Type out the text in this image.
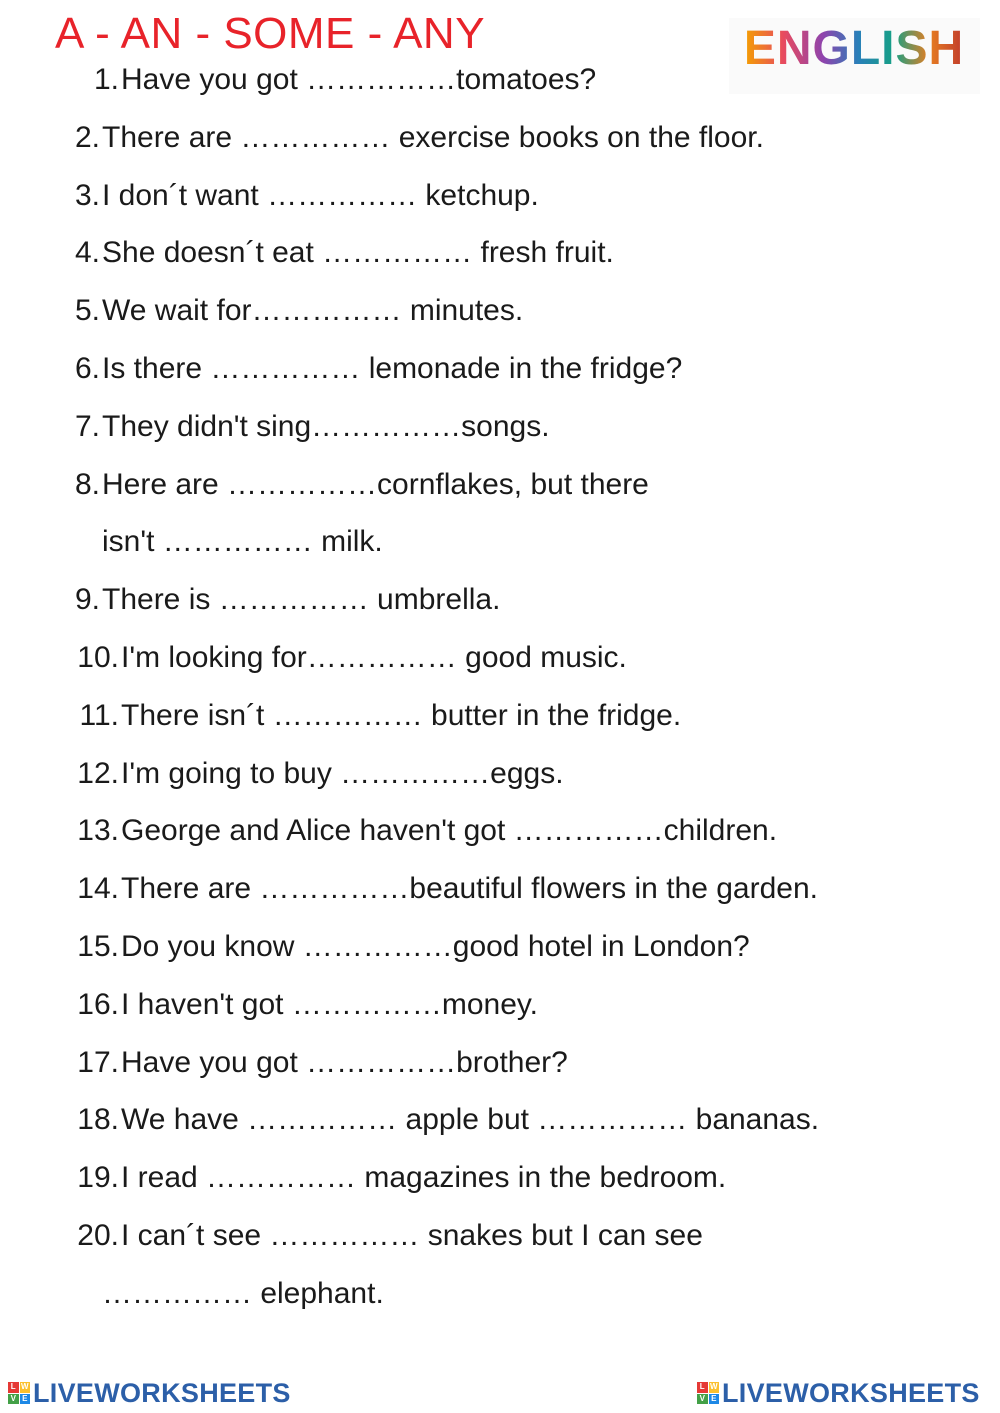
A - AN - SOME - ANY	ENGLISH
1. Have you got ……………tomatoes?
2. There are …………… exercise books on the floor.
3. I don´t want …………… ketchup.
4. She doesn´t eat …………… fresh fruit.
5. We wait for…………… minutes.
6. Is there …………… lemonade in the fridge?
7. They didn't sing……………songs.
8. Here are ……………cornflakes, but there
isn't …………… milk.
9. There is …………… umbrella.
10. I'm looking for…………… good music.
11. There isn´t …………… butter in the fridge.
12. I'm going to buy ……………eggs.
13. George and Alice haven't got ……………children.
14. There are ……………beautiful flowers in the garden.
15. Do you know ……………good hotel in London?
16. I haven't got ……………money.
17. Have you got ……………brother?
18. We have …………… apple but …………… bananas.
19. I read …………… magazines in the bedroom.
20. I can´t see …………… snakes but I can see
…………… elephant.
L W
V E LIVEWORKSHEETS	L W
V E LIVEWORKSHEETS
